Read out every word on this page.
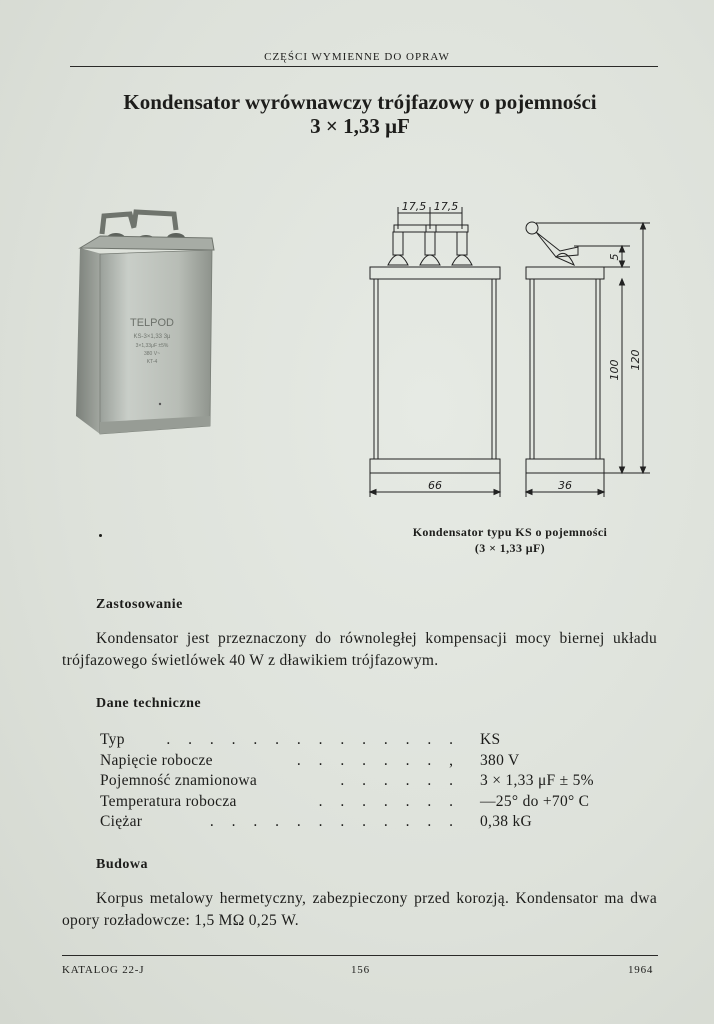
CZĘŚCI WYMIENNE DO OPRAW
Kondensator wyrównawczy trójfazowy o pojemności
3 × 1,33 μF
TELPOD
KS-3×1,33 3μ
3×1,33μF ±5%
380 V~
KT-4
17,5 17,5
66	36
5
100 120
Kondensator typu KS o pojemności
(3 × 1,33 μF)
Zastosowanie
Kondensator jest przeznaczony do równoległej kompensacji mocy biernej układu trójfazowego świetlówek 40 W z dławikiem trójfazowym.
Dane techniczne
Typ	. . . . . . . . . . . . . . KS
Napięcie robocze	. . . . . . . , 380 V
Pojemność znamionowa	. . . . . . 3 × 1,33 μF ± 5%
Temperatura robocza	. . . . . . . —25° do +70° C
Ciężar	. . . . . . . . . . . . 0,38 kG
Budowa
Korpus metalowy hermetyczny, zabezpieczony przed korozją. Kondensator ma dwa opory rozładowcze: 1,5 MΩ 0,25 W.
KATALOG 22-J	156	1964
